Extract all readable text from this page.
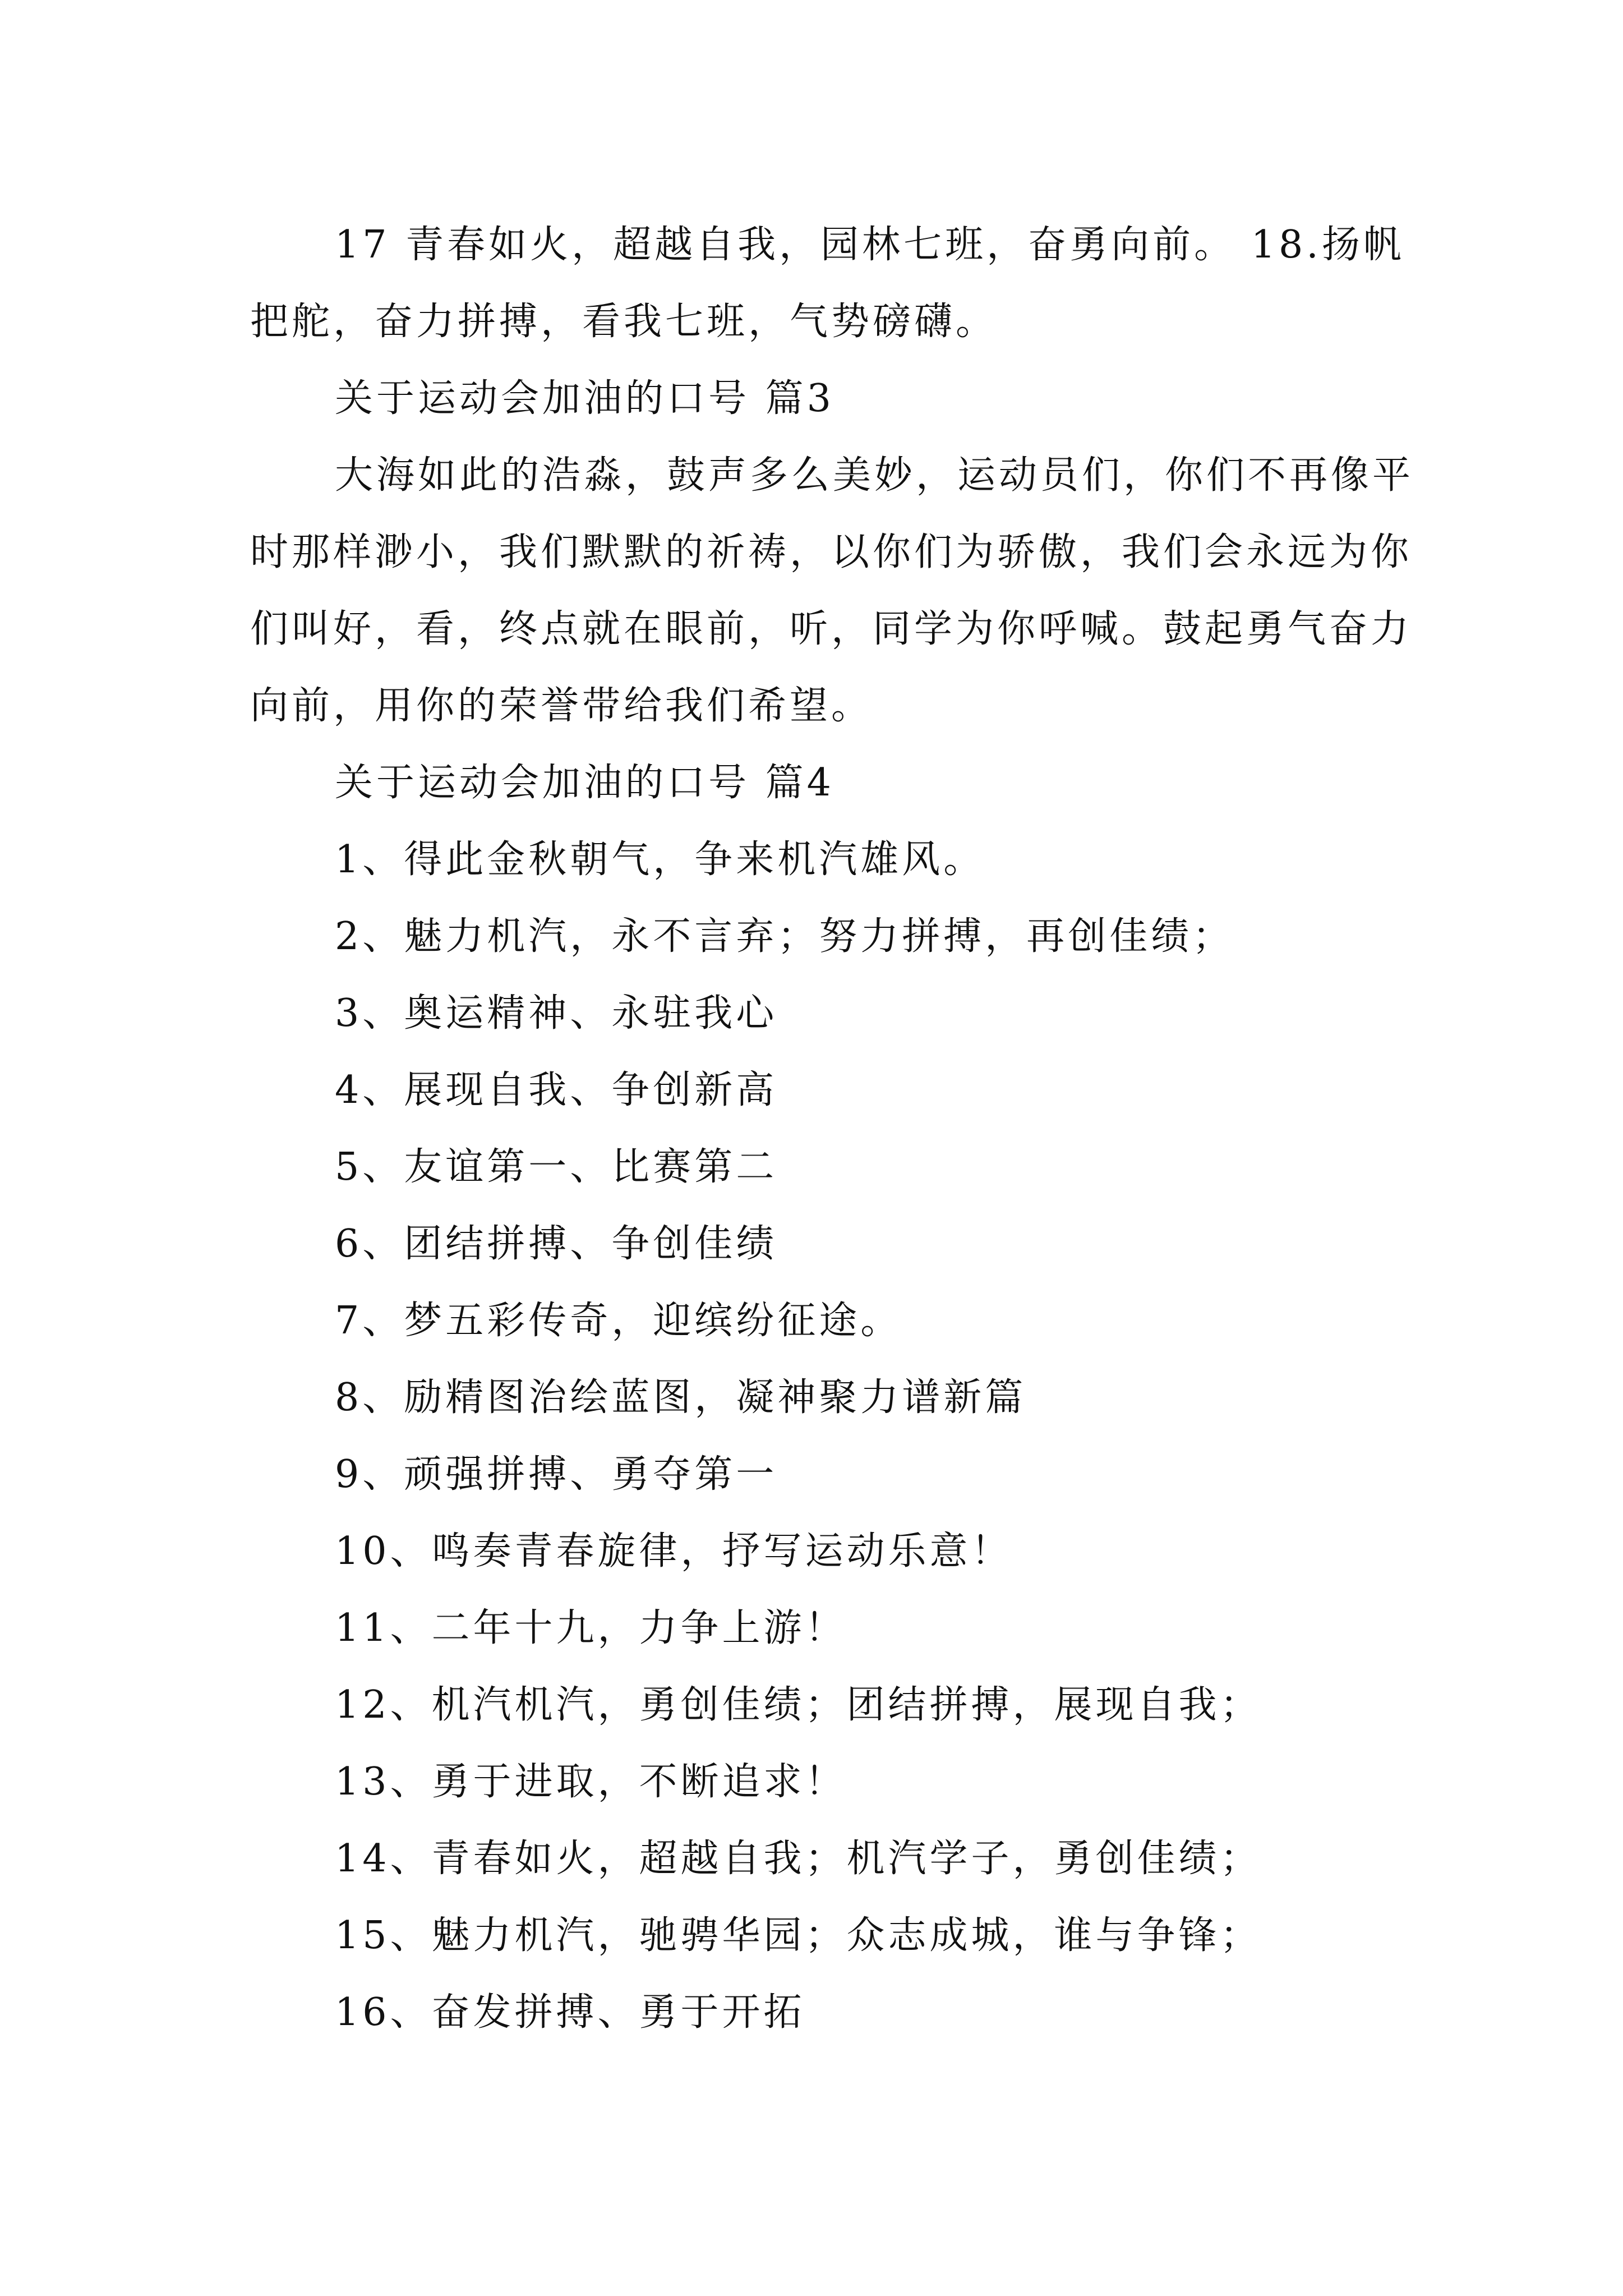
17 青春如火，超越自我，园林七班，奋勇向前。 18.扬帆把舵，奋力拼搏，看我七班，气势磅礴。

关于运动会加油的口号 篇3

大海如此的浩淼，鼓声多么美妙，运动员们，你们不再像平时那样渺小，我们默默的祈祷，以你们为骄傲，我们会永远为你们叫好，看，终点就在眼前，听，同学为你呼喊。鼓起勇气奋力向前，用你的荣誉带给我们希望。

关于运动会加油的口号 篇4

1、得此金秋朝气，争来机汽雄风。

2、魅力机汽，永不言弃；努力拼搏，再创佳绩；

3、奥运精神、永驻我心

4、展现自我、争创新高

5、友谊第一、比赛第二

6、团结拼搏、争创佳绩

7、梦五彩传奇，迎缤纷征途。

8、励精图治绘蓝图，凝神聚力谱新篇

9、顽强拼搏、勇夺第一

10、鸣奏青春旋律，抒写运动乐意！

11、二年十九，力争上游！

12、机汽机汽，勇创佳绩；团结拼搏，展现自我；

13、勇于进取，不断追求！

14、青春如火，超越自我；机汽学子，勇创佳绩；

15、魅力机汽，驰骋华园；众志成城，谁与争锋；

16、奋发拼搏、勇于开拓
